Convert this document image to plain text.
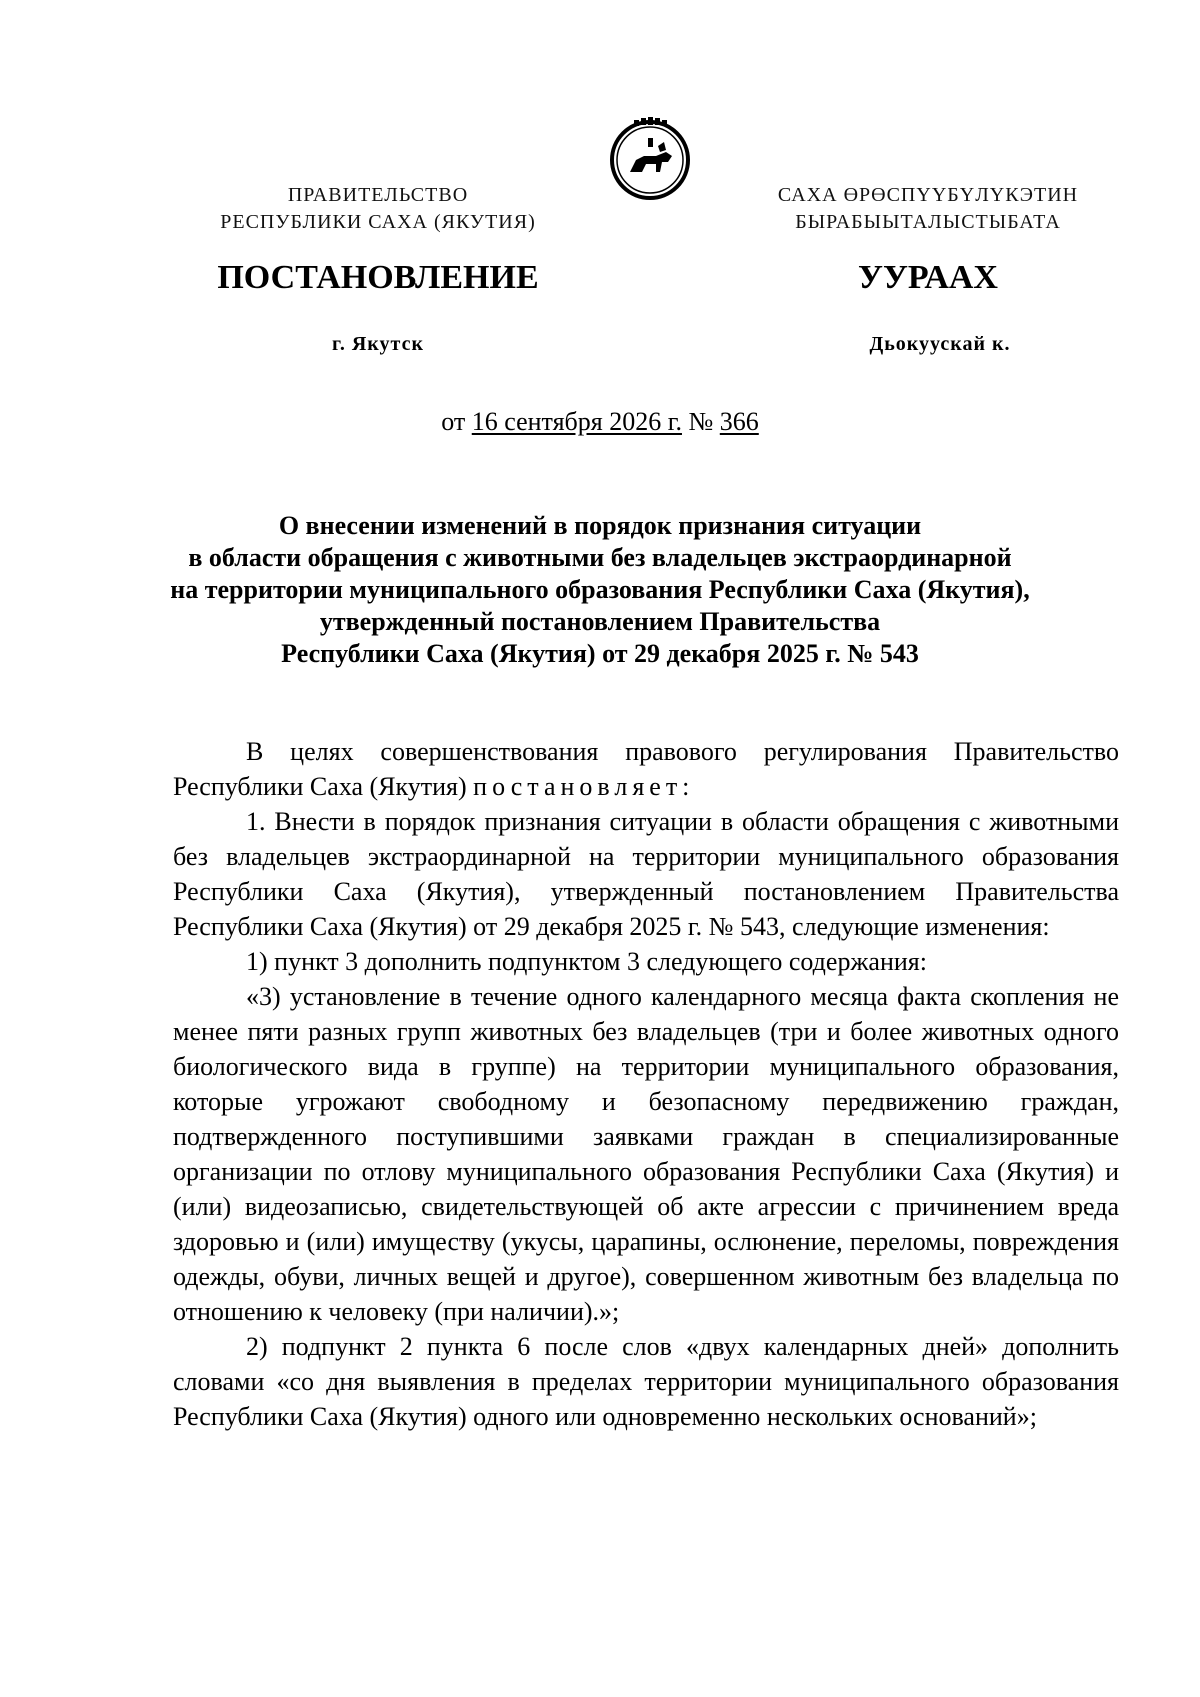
ПРАВИТЕЛЬСТВО
РЕСПУБЛИКИ САХА (ЯКУТИЯ)
САХА ӨРӨСПҮҮБҮЛҮКЭТИН
БЫРАБЫЫТАЛЫСТЫБАТА
ПОСТАНОВЛЕНИЕ	УУРААХ
г. Якутск	Дьокуускай к.
от 16 сентября 2026 г. № 366
О внесении изменений в порядок признания ситуации
в области обращения с животными без владельцев экстраординарной
на территории муниципального образования Республики Саха (Якутия),
утвержденный постановлением Правительства
Республики Саха (Якутия) от 29 декабря 2025 г. № 543

В целях совершенствования правового регулирования Правительство Республики Саха (Якутия) постановляет:

1. Внести в порядок признания ситуации в области обращения с животными без владельцев экстраординарной на территории муниципального образования Республики Саха (Якутия), утвержденный постановлением Правительства Республики Саха (Якутия) от 29 декабря 2025 г. № 543, следующие изменения:

1) пункт 3 дополнить подпунктом 3 следующего содержания:

«3) установление в течение одного календарного месяца факта скопления не менее пяти разных групп животных без владельцев (три и более животных одного биологического вида в группе) на территории муниципального образования, которые угрожают свободному и безопасному передвижению граждан, подтвержденного поступившими заявками граждан в специализированные организации по отлову муниципального образования Республики Саха (Якутия) и (или) видеозаписью, свидетельствующей об акте агрессии с причинением вреда здоровью и (или) имуществу (укусы, царапины, ослюнение, переломы, повреждения одежды, обуви, личных вещей и другое), совершенном животным без владельца по отношению к человеку (при наличии).»;

2) подпункт 2 пункта 6 после слов «двух календарных дней» дополнить словами «со дня выявления в пределах территории муниципального образования Республики Саха (Якутия) одного или одновременно нескольких оснований»;
